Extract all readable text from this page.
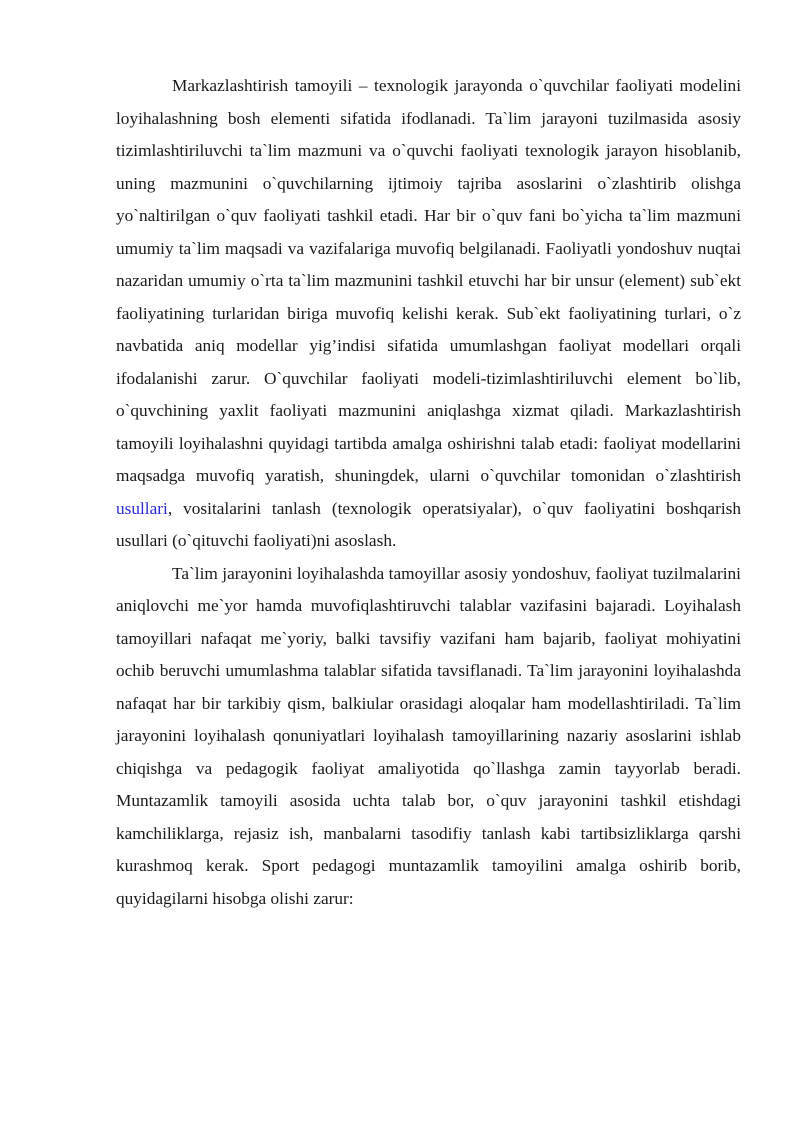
Markazlashtirish tamoyili – texnologik jarayonda o`quvchilar faoliyati modelini loyihalashning bosh elementi sifatida ifodlanadi. Ta`lim jarayoni tuzilmasida asosiy tizimlashtiriluvchi ta`lim mazmuni va o`quvchi faoliyati texnologik jarayon hisoblanib, uning mazmunini o`quvchilarning ijtimoiy tajriba asoslarini o`zlashtirib olishga yo`naltirilgan o`quv faoliyati tashkil etadi. Har bir o`quv fani bo`yicha ta`lim mazmuni umumiy ta`lim maqsadi va vazifalariga muvofiq belgilanadi. Faoliyatli yondoshuv nuqtai nazaridan umumiy o`rta ta`lim mazmunini tashkil etuvchi har bir unsur (element) sub`ekt faoliyatining turlaridan biriga muvofiq kelishi kerak. Sub`ekt faoliyatining turlari, o`z navbatida aniq modellar yig’indisi sifatida umumlashgan faoliyat modellari orqali ifodalanishi zarur. O`quvchilar faoliyati modeli-tizimlashtiriluvchi element bo`lib, o`quvchining yaxlit faoliyati mazmunini aniqlashga xizmat qiladi. Markazlashtirish tamoyili loyihalashni quyidagi tartibda amalga oshirishni talab etadi: faoliyat modellarini maqsadga muvofiq yaratish, shuningdek, ularni o`quvchilar tomonidan o`zlashtirish usullari, vositalarini tanlash (texnologik operatsiyalar), o`quv faoliyatini boshqarish usullari (o`qituvchi faoliyati)ni asoslash.

Ta`lim jarayonini loyihalashda tamoyillar asosiy yondoshuv, faoliyat tuzilmalarini aniqlovchi me`yor hamda muvofiqlashtiruvchi talablar vazifasini bajaradi. Loyihalash tamoyillari nafaqat me`yoriy, balki tavsifiy vazifani ham bajarib, faoliyat mohiyatini ochib beruvchi umumlashma talablar sifatida tavsiflanadi. Ta`lim jarayonini loyihalashda nafaqat har bir tarkibiy qism, balkiular orasidagi aloqalar ham modellashtiriladi. Ta`lim jarayonini loyihalash qonuniyatlari loyihalash tamoyillarining nazariy asoslarini ishlab chiqishga va pedagogik faoliyat amaliyotida qo`llashga zamin tayyorlab beradi. Muntazamlik tamoyili asosida uchta talab bor, o`quv jarayonini tashkil etishdagi kamchiliklarga, rejasiz ish, manbalarni tasodifiy tanlash kabi tartibsizliklarga qarshi kurashmoq kerak. Sport pedagogi muntazamlik tamoyilini amalga oshirib borib, quyidagilarni hisobga olishi zarur:
